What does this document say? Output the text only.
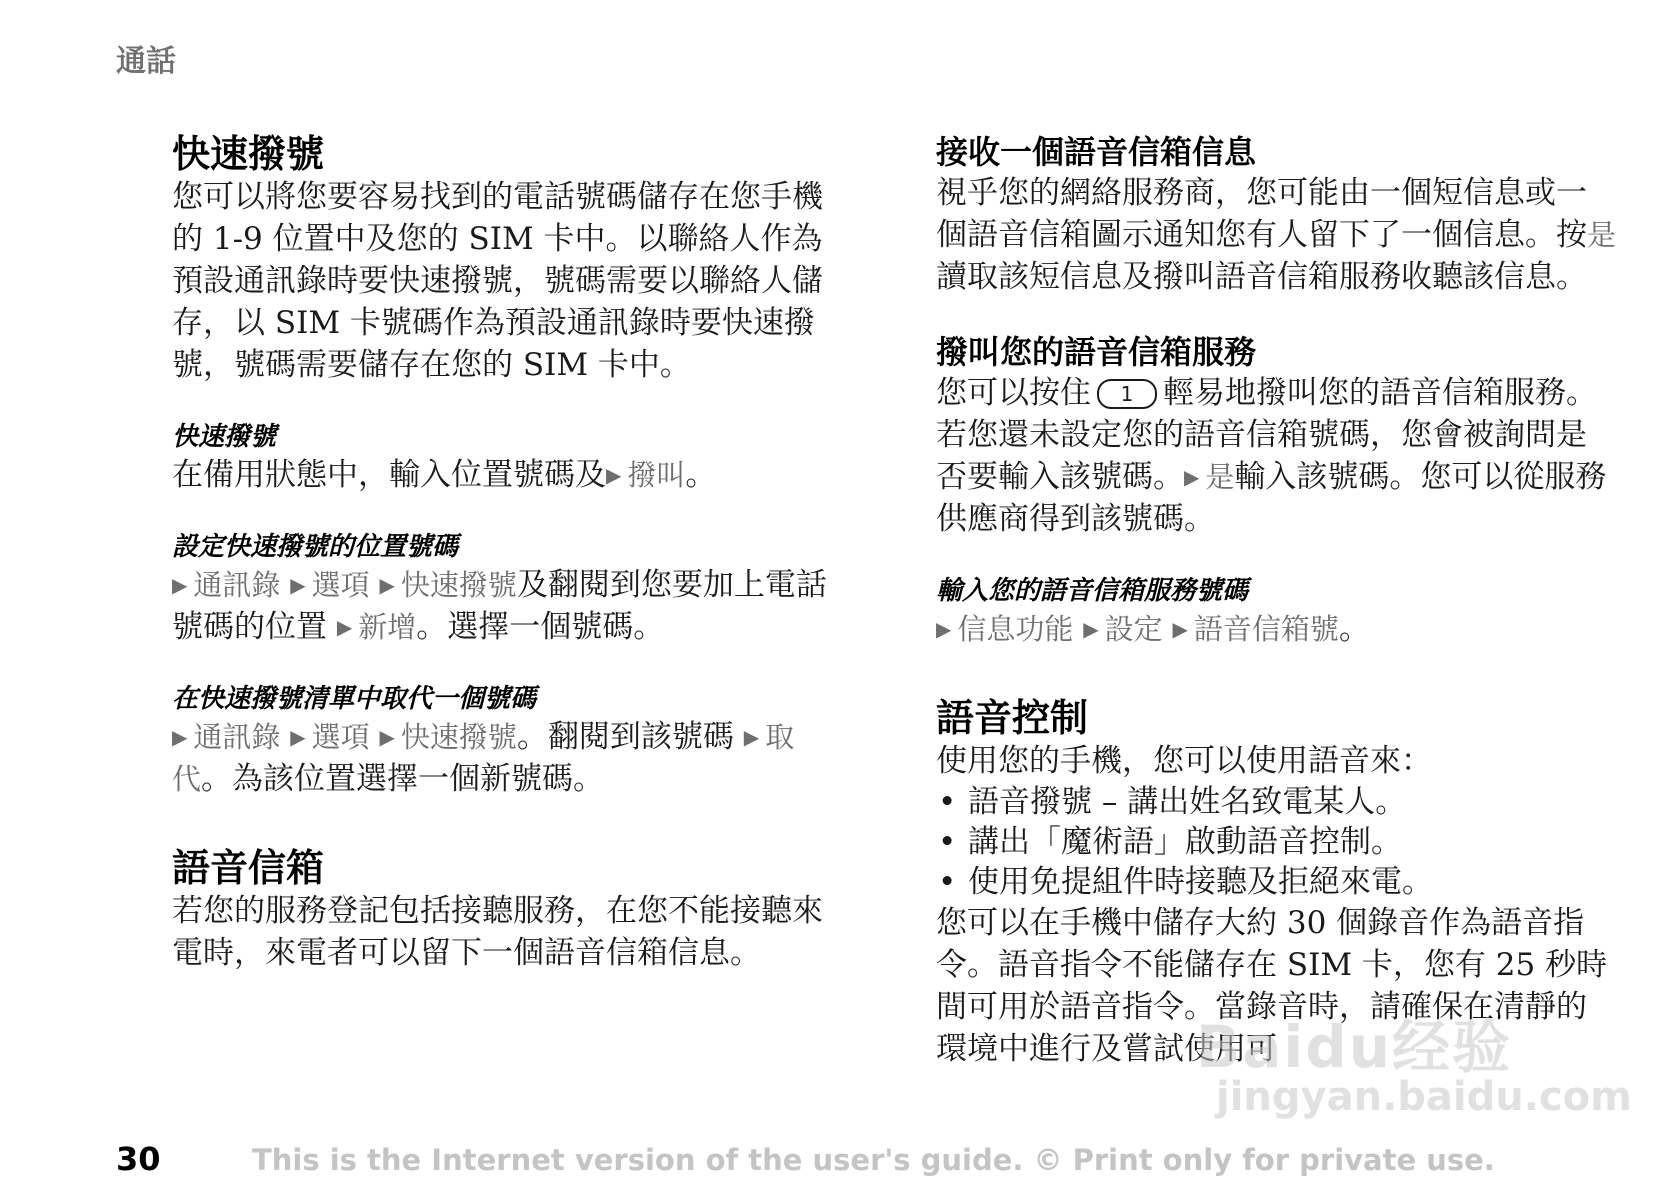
通話

快速撥號

您可以將您要容易找到的電話號碼儲存在您手機的 1-9 位置中及您的 SIM 卡中。以聯絡人作為預設通訊錄時要快速撥號，號碼需要以聯絡人儲存，以 SIM 卡號碼作為預設通訊錄時要快速撥號，號碼需要儲存在您的 SIM 卡中。

快速撥號

在備用狀態中，輸入位置號碼及▶ 撥叫。

設定快速撥號的位置號碼

▶ 通訊錄 ▶ 選項 ▶ 快速撥號及翻閱到您要加上電話號碼的位置 ▶ 新增。選擇一個號碼。

在快速撥號清單中取代一個號碼

▶ 通訊錄 ▶ 選項 ▶ 快速撥號。翻閱到該號碼 ▶ 取代。為該位置選擇一個新號碼。

語音信箱

若您的服務登記包括接聽服務，在您不能接聽來電時，來電者可以留下一個語音信箱信息。

接收一個語音信箱信息

視乎您的網絡服務商，您可能由一個短信息或一個語音信箱圖示通知您有人留下了一個信息。按是讀取該短信息及撥叫語音信箱服務收聽該信息。

撥叫您的語音信箱服務

您可以按住 1 輕易地撥叫您的語音信箱服務。若您還未設定您的語音信箱號碼，您會被詢問是否要輸入該號碼。▶ 是輸入該號碼。您可以從服務供應商得到該號碼。

輸入您的語音信箱服務號碼

▶ 信息功能 ▶ 設定 ▶ 語音信箱號。

語音控制

使用您的手機，您可以使用語音來：

• 語音撥號 – 講出姓名致電某人。
• 講出「魔術語」啟動語音控制。
• 使用免提組件時接聽及拒絕來電。

您可以在手機中儲存大約 30 個錄音作為語音指令。語音指令不能儲存在 SIM 卡，您有 25 秒時間可用於語音指令。當錄音時，請確保在清靜的環境中進行及嘗試使用可

Baidu经验
jingyan.baidu.com
30	This is the Internet version of the user's guide. © Print only for private use.
